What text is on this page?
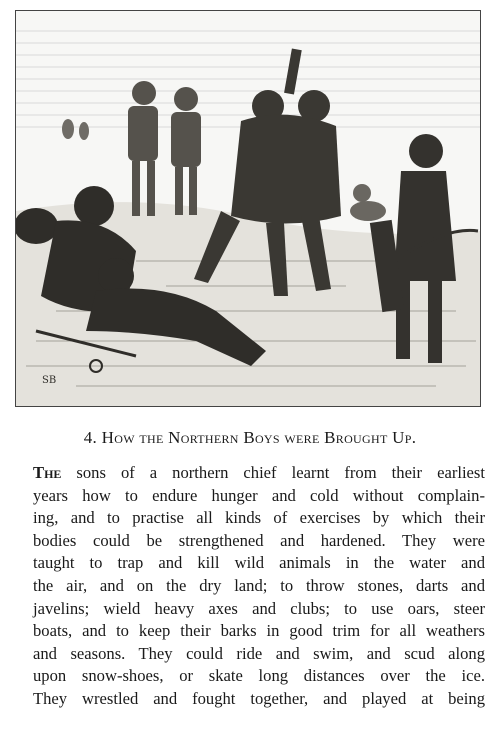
SB
4. How the Northern Boys were Brought Up.
The sons of a northern chief learnt from their earliest
years how to endure hunger and cold without complain-
ing, and to practise all kinds of exercises by which their
bodies could be strengthened and hardened. They were
taught to trap and kill wild animals in the water and
the air, and on the dry land; to throw stones, darts and
javelins; wield heavy axes and clubs; to use oars, steer
boats, and to keep their barks in good trim for all weathers
and seasons. They could ride and swim, and scud along
upon snow-shoes, or skate long distances over the ice.
They wrestled and fought together, and played at being
